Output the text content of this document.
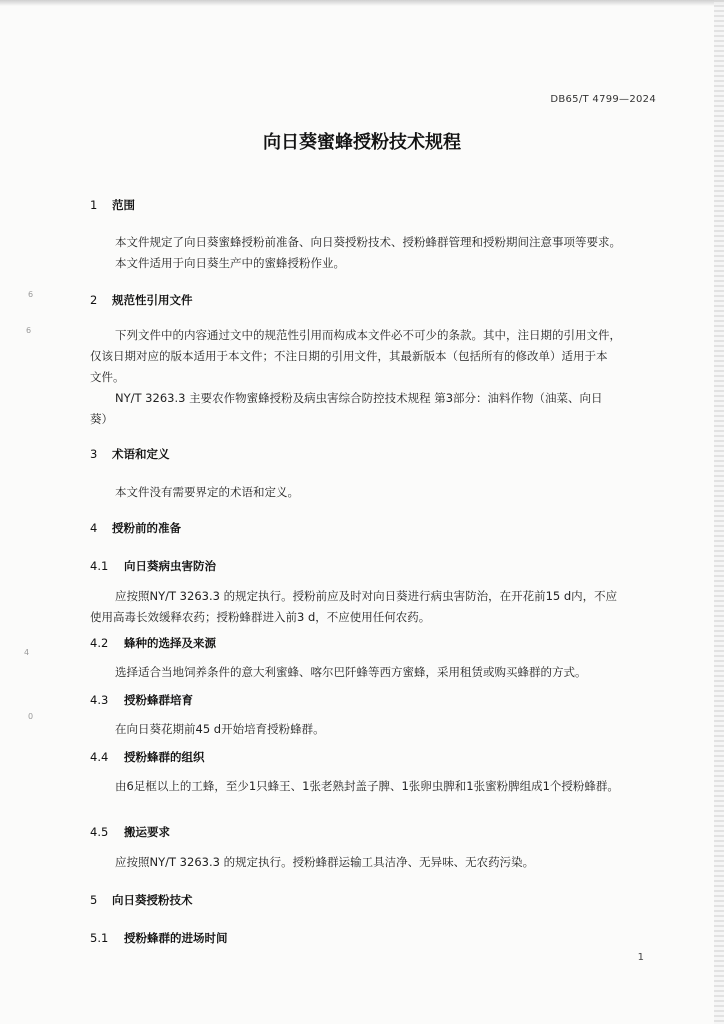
DB65/T 4799—2024
向日葵蜜蜂授粉技术规程
1 范围
本文件规定了向日葵蜜蜂授粉前准备、向日葵授粉技术、授粉蜂群管理和授粉期间注意事项等要求。
本文件适用于向日葵生产中的蜜蜂授粉作业。
2 规范性引用文件
下列文件中的内容通过文中的规范性引用而构成本文件必不可少的条款。其中，注日期的引用文件，
仅该日期对应的版本适用于本文件；不注日期的引用文件，其最新版本（包括所有的修改单）适用于本
文件。
NY/T 3263.3 主要农作物蜜蜂授粉及病虫害综合防控技术规程 第3部分：油料作物（油菜、向日
葵）
3 术语和定义
本文件没有需要界定的术语和定义。
4 授粉前的准备
4.1 向日葵病虫害防治
应按照NY/T 3263.3 的规定执行。授粉前应及时对向日葵进行病虫害防治，在开花前15 d内，不应
使用高毒长效缓释农药；授粉蜂群进入前3 d，不应使用任何农药。
4.2 蜂种的选择及来源
选择适合当地饲养条件的意大利蜜蜂、喀尔巴阡蜂等西方蜜蜂，采用租赁或购买蜂群的方式。
4.3 授粉蜂群培育
在向日葵花期前45 d开始培育授粉蜂群。
4.4 授粉蜂群的组织
由6足框以上的工蜂，至少1只蜂王、1张老熟封盖子脾、1张卵虫脾和1张蜜粉脾组成1个授粉蜂群。
4.5 搬运要求
应按照NY/T 3263.3 的规定执行。授粉蜂群运输工具洁净、无异味、无农药污染。
5 向日葵授粉技术
5.1 授粉蜂群的进场时间
6
6
4
0
1
